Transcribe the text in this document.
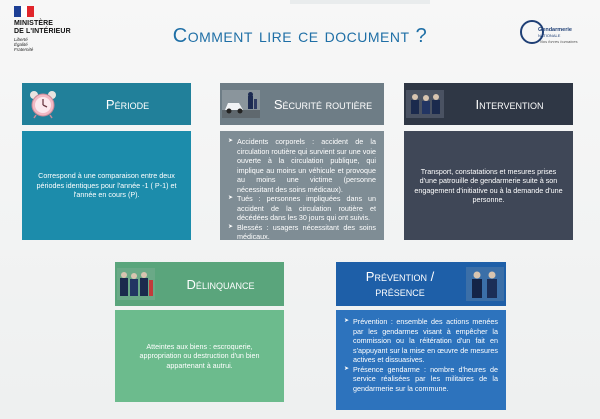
MINISTÈRE
DE L'INTÉRIEUR
Liberté
Égalité
Fraternité
Comment lire ce document ?	Gendarmerie
NATIONALE
Nos forces humaines
Période
Correspond à une comparaison entre deux périodes identiques pour l'année -1 ( P-1) et l'année en cours (P).
Sécurité routière
➤ Accidents corporels : accident de la circulation routière qui survient sur une voie ouverte à la circulation publique, qui implique au moins un véhicule et provoque au moins une victime (personne nécessitant des soins médicaux).
➤ Tués : personnes impliquées dans un accident de la circulation routière et décédées dans les 30 jours qui ont suivis.
➤ Blessés : usagers nécessitant des soins médicaux.
Intervention
Transport, constatations et mesures prises d'une patrouille de gendarmerie suite à son engagement d'initiative ou à la demande d'une personne.
Délinquance
Atteintes aux biens : escroquerie, appropriation ou destruction d'un bien appartenant à autrui.
Prévention /
présence
➤ Prévention : ensemble des actions menées par les gendarmes visant à empêcher la commission ou la réitération d'un fait en s'appuyant sur la mise en œuvre de mesures actives et dissuasives.
➤ Présence gendarme : nombre d'heures de service réalisées par les militaires de la gendarmerie sur la commune.
